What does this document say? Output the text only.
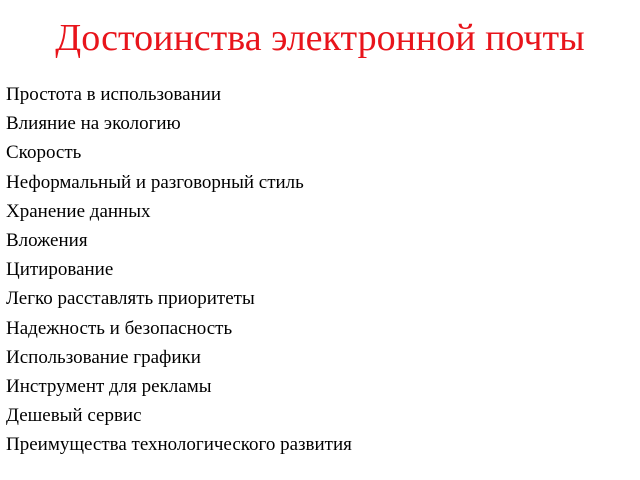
Достоинства электронной почты
Простота в использовании
Влияние на экологию
Скорость
Неформальный и разговорный стиль
Хранение данных
Вложения
Цитирование
Легко расставлять приоритеты
Надежность и безопасность
Использование графики
Инструмент для рекламы
Дешевый сервис
Преимущества технологического развития
